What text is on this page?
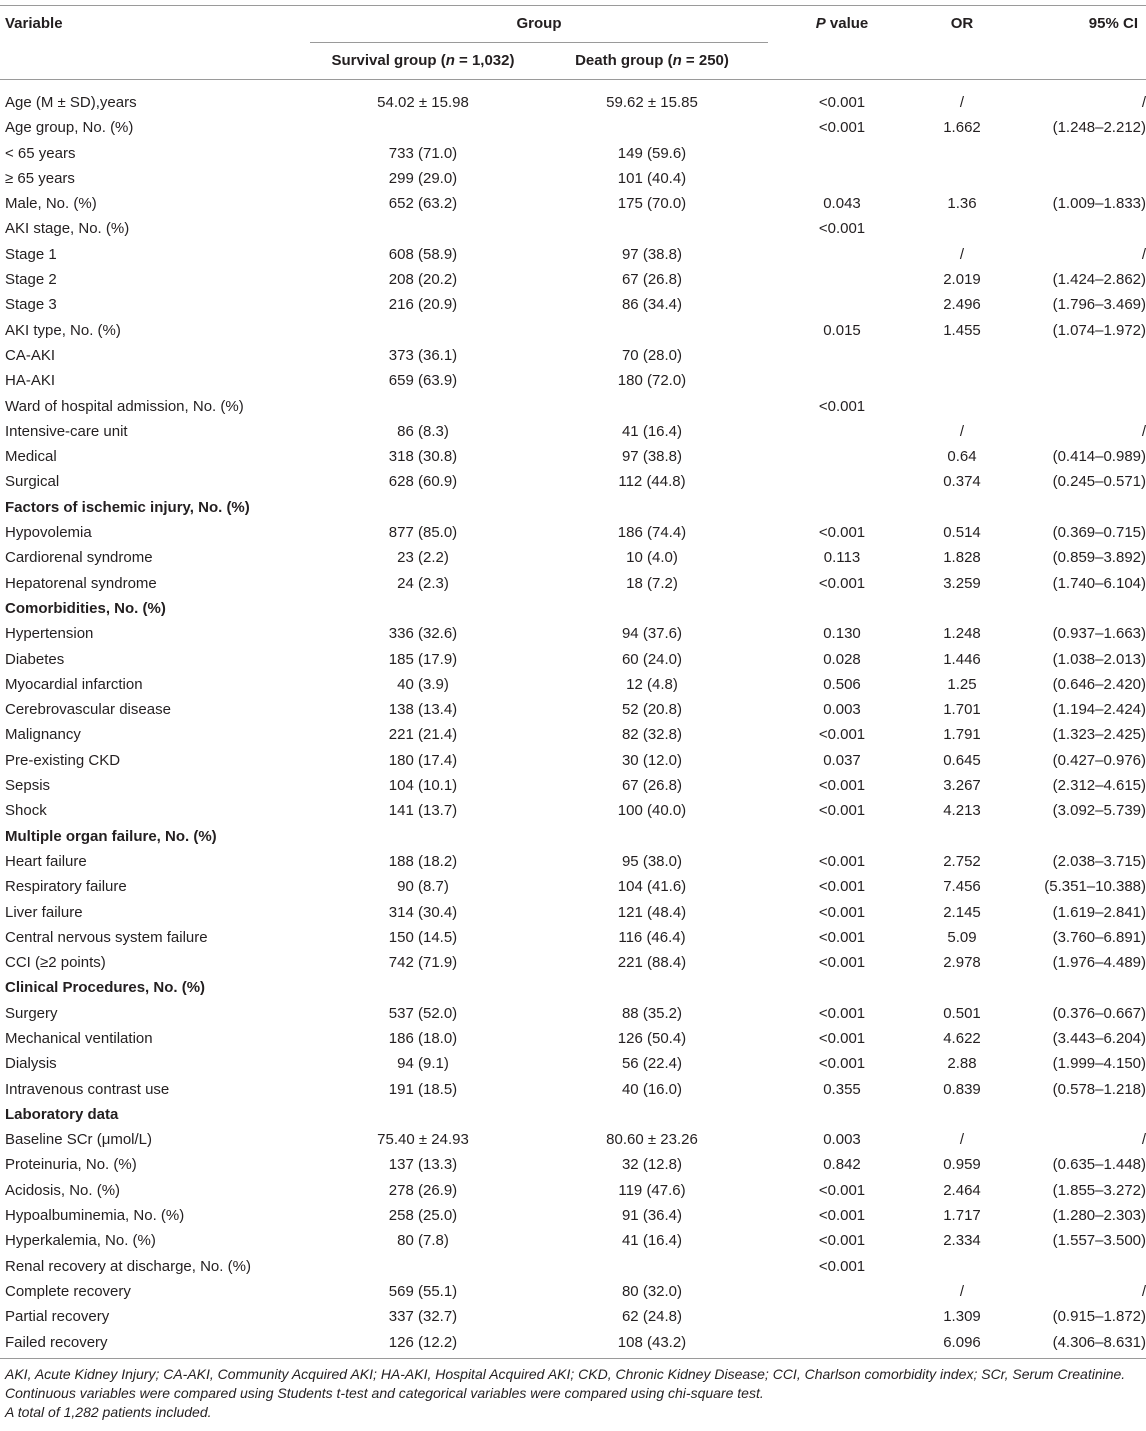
Variable	Group		P value	OR	95% CI
	Survival group (n = 1,032)	Death group (n = 250)			
Age (M ± SD),years	54.02 ± 15.98	59.62 ± 15.85	<0.001	/	/
Age group, No. (%)			<0.001	1.662	(1.248–2.212)
< 65 years	733 (71.0)	149 (59.6)			
≥ 65 years	299 (29.0)	101 (40.4)			
Male, No. (%)	652 (63.2)	175 (70.0)	0.043	1.36	(1.009–1.833)
AKI stage, No. (%)			<0.001		
Stage 1	608 (58.9)	97 (38.8)		/	/
Stage 2	208 (20.2)	67 (26.8)		2.019	(1.424–2.862)
Stage 3	216 (20.9)	86 (34.4)		2.496	(1.796–3.469)
AKI type, No. (%)			0.015	1.455	(1.074–1.972)
CA-AKI	373 (36.1)	70 (28.0)			
HA-AKI	659 (63.9)	180 (72.0)			
Ward of hospital admission, No. (%)			<0.001		
Intensive-care unit	86 (8.3)	41 (16.4)		/	/
Medical	318 (30.8)	97 (38.8)		0.64	(0.414–0.989)
Surgical	628 (60.9)	112 (44.8)		0.374	(0.245–0.571)
Factors of ischemic injury, No. (%)					
Hypovolemia	877 (85.0)	186 (74.4)	<0.001	0.514	(0.369–0.715)
Cardiorenal syndrome	23 (2.2)	10 (4.0)	0.113	1.828	(0.859–3.892)
Hepatorenal syndrome	24 (2.3)	18 (7.2)	<0.001	3.259	(1.740–6.104)
Comorbidities, No. (%)					
Hypertension	336 (32.6)	94 (37.6)	0.130	1.248	(0.937–1.663)
Diabetes	185 (17.9)	60 (24.0)	0.028	1.446	(1.038–2.013)
Myocardial infarction	40 (3.9)	12 (4.8)	0.506	1.25	(0.646–2.420)
Cerebrovascular disease	138 (13.4)	52 (20.8)	0.003	1.701	(1.194–2.424)
Malignancy	221 (21.4)	82 (32.8)	<0.001	1.791	(1.323–2.425)
Pre-existing CKD	180 (17.4)	30 (12.0)	0.037	0.645	(0.427–0.976)
Sepsis	104 (10.1)	67 (26.8)	<0.001	3.267	(2.312–4.615)
Shock	141 (13.7)	100 (40.0)	<0.001	4.213	(3.092–5.739)
Multiple organ failure, No. (%)					
Heart failure	188 (18.2)	95 (38.0)	<0.001	2.752	(2.038–3.715)
Respiratory failure	90 (8.7)	104 (41.6)	<0.001	7.456	(5.351–10.388)
Liver failure	314 (30.4)	121 (48.4)	<0.001	2.145	(1.619–2.841)
Central nervous system failure	150 (14.5)	116 (46.4)	<0.001	5.09	(3.760–6.891)
CCI (≥2 points)	742 (71.9)	221 (88.4)	<0.001	2.978	(1.976–4.489)
Clinical Procedures, No. (%)					
Surgery	537 (52.0)	88 (35.2)	<0.001	0.501	(0.376–0.667)
Mechanical ventilation	186 (18.0)	126 (50.4)	<0.001	4.622	(3.443–6.204)
Dialysis	94 (9.1)	56 (22.4)	<0.001	2.88	(1.999–4.150)
Intravenous contrast use	191 (18.5)	40 (16.0)	0.355	0.839	(0.578–1.218)
Laboratory data					
Baseline SCr (μmol/L)	75.40 ± 24.93	80.60 ± 23.26	0.003	/	/
Proteinuria, No. (%)	137 (13.3)	32 (12.8)	0.842	0.959	(0.635–1.448)
Acidosis, No. (%)	278 (26.9)	119 (47.6)	<0.001	2.464	(1.855–3.272)
Hypoalbuminemia, No. (%)	258 (25.0)	91 (36.4)	<0.001	1.717	(1.280–2.303)
Hyperkalemia, No. (%)	80 (7.8)	41 (16.4)	<0.001	2.334	(1.557–3.500)
Renal recovery at discharge, No. (%)			<0.001		
Complete recovery	569 (55.1)	80 (32.0)		/	/
Partial recovery	337 (32.7)	62 (24.8)		1.309	(0.915–1.872)
Failed recovery	126 (12.2)	108 (43.2)		6.096	(4.306–8.631)
AKI, Acute Kidney Injury; CA-AKI, Community Acquired AKI; HA-AKI, Hospital Acquired AKI; CKD, Chronic Kidney Disease; CCI, Charlson comorbidity index; SCr, Serum Creatinine.
Continuous variables were compared using Students t-test and categorical variables were compared using chi-square test.
A total of 1,282 patients included.
